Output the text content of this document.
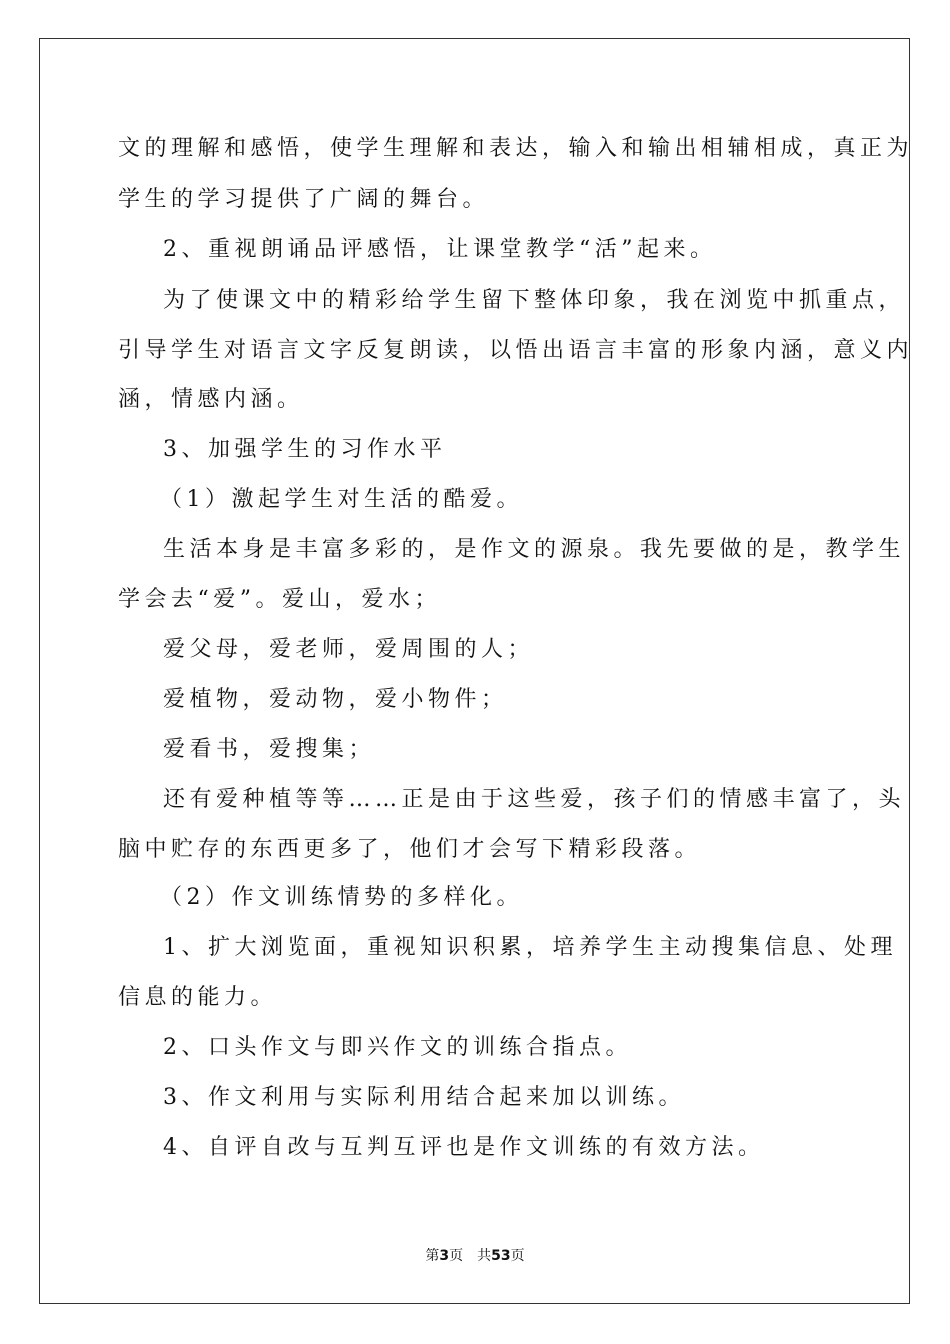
文的理解和感悟，使学生理解和表达，输入和输出相辅相成，真正为
学生的学习提供了广阔的舞台。
2、重视朗诵品评感悟，让课堂教学“活”起来。
为了使课文中的精彩给学生留下整体印象，我在浏览中抓重点，
引导学生对语言文字反复朗读，以悟出语言丰富的形象内涵，意义内
涵，情感内涵。
3、加强学生的习作水平
（1）激起学生对生活的酷爱。
生活本身是丰富多彩的，是作文的源泉。我先要做的是，教学生
学会去“爱”。爱山，爱水；
爱父母，爱老师，爱周围的人；
爱植物，爱动物，爱小物件；
爱看书，爱搜集；
还有爱种植等等……正是由于这些爱，孩子们的情感丰富了，头
脑中贮存的东西更多了，他们才会写下精彩段落。
（2）作文训练情势的多样化。
1、扩大浏览面，重视知识积累，培养学生主动搜集信息、处理
信息的能力。
2、口头作文与即兴作文的训练合指点。
3、作文利用与实际利用结合起来加以训练。
4、自评自改与互判互评也是作文训练的有效方法。
第3页　共53页
